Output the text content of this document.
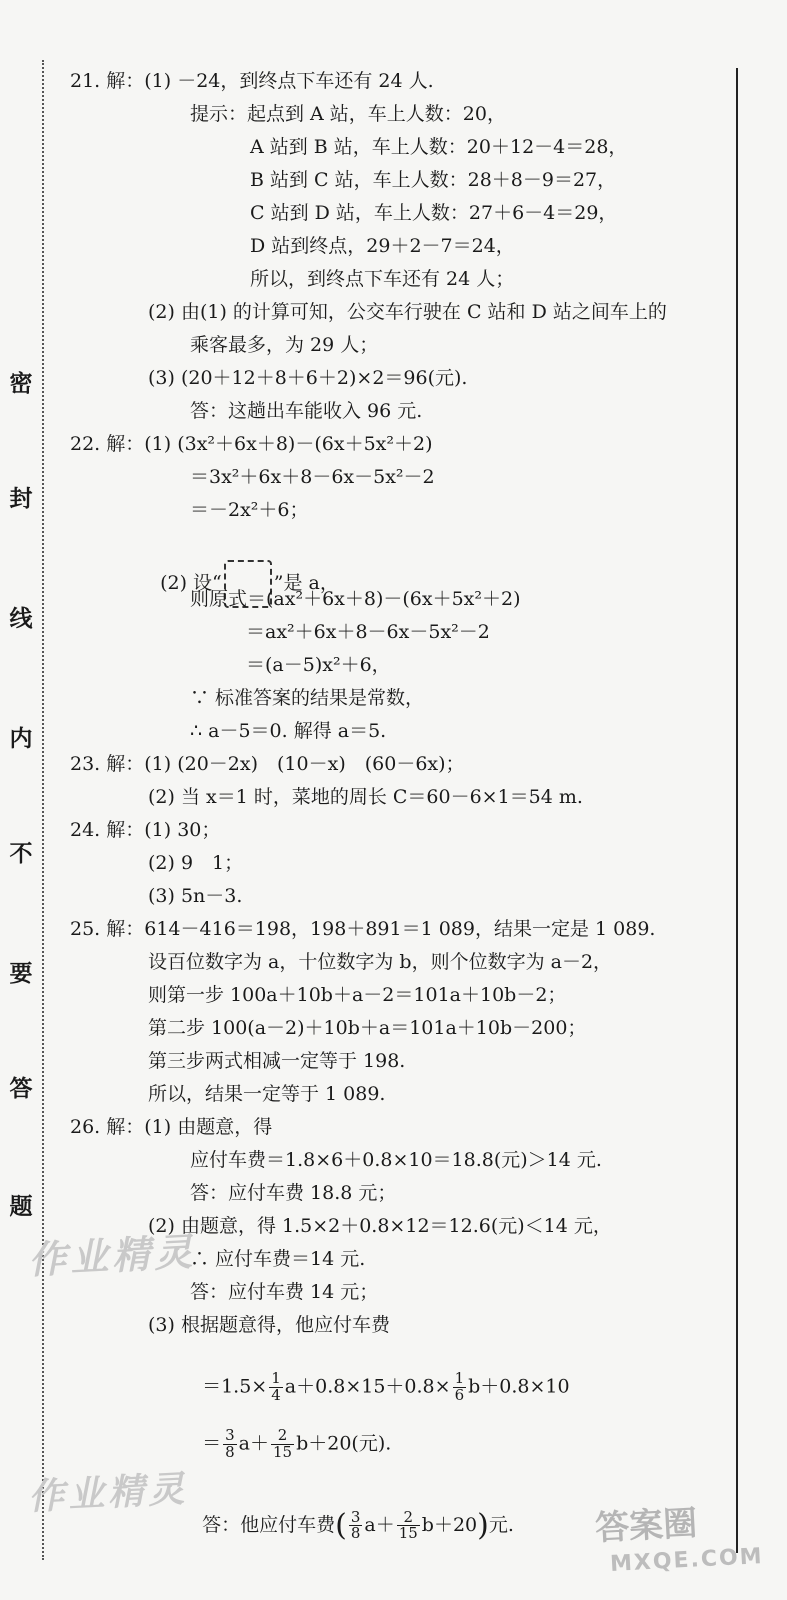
密
封
线
内
不
要
答
题
21. 解：(1) －24，到终点下车还有 24 人.
提示：起点到 A 站，车上人数：20，
A 站到 B 站，车上人数：20＋12－4＝28，
B 站到 C 站，车上人数：28＋8－9＝27，
C 站到 D 站，车上人数：27＋6－4＝29，
D 站到终点，29＋2－7＝24，
所以，到终点下车还有 24 人；
(2) 由(1) 的计算可知，公交车行驶在 C 站和 D 站之间车上的
乘客最多，为 29 人；
(3) (20＋12＋8＋6＋2)×2＝96(元).
答：这趟出车能收入 96 元.
22. 解：(1) (3x²＋6x＋8)－(6x＋5x²＋2)
＝3x²＋6x＋8－6x－5x²－2
＝－2x²＋6；

(2) 设“	”是 a，

则原式＝(ax²＋6x＋8)－(6x＋5x²＋2)
＝ax²＋6x＋8－6x－5x²－2
＝(a－5)x²＋6，
∵ 标准答案的结果是常数，
∴ a－5＝0. 解得 a＝5.
23. 解：(1) (20－2x)　(10－x)　(60－6x)；
(2) 当 x＝1 时，菜地的周长 C＝60－6×1＝54 m.
24. 解：(1) 30；
(2) 9　1；
(3) 5n－3.
25. 解：614－416＝198，198＋891＝1 089，结果一定是 1 089.
设百位数字为 a，十位数字为 b，则个位数字为 a－2，
则第一步 100a＋10b＋a－2＝101a＋10b－2；
第二步 100(a－2)＋10b＋a＝101a＋10b－200；
第三步两式相减一定等于 198.
所以，结果一定等于 1 089.
26. 解：(1) 由题意，得
应付车费＝1.8×6＋0.8×10＝18.8(元)＞14 元.
答：应付车费 18.8 元；
(2) 由题意，得 1.5×2＋0.8×12＝12.6(元)＜14 元，
∴ 应付车费＝14 元.
答：应付车费 14 元；
(3) 根据题意得，他应付车费

$=1.5\times \frac{1}{4} a+0.8\times 15+0.8\times \frac{1}{6} b+0.8\times 10$

＝ $\frac{3}{8} a+ \frac{2}{15} b+20$(元).

答：他应付车费( $\frac{3}{8} a+ \frac{2}{15} b+20$)元.

作业精灵
作业精灵
答案圈
MXQE.COM
